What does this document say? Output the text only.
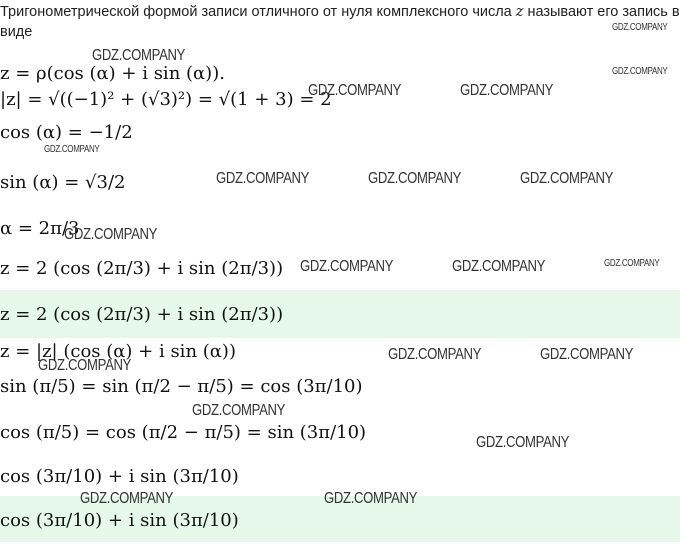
Тригонометрической формой записи отличного от нуля комплексного числа z называют его запись в виде
z = ρ(cos (α) + i sin (α)).
|z| = √((−1)² + (√3)²) = √(1 + 3) = 2
cos (α) = −1/2
sin (α) = √3/2
α = 2π/3
z = 2 (cos (2π/3) + i sin (2π/3))
z = 2 (cos (2π/3) + i sin (2π/3))
z = |z| (cos (α) + i sin (α))
sin (π/5) = sin (π/2 − π/5) = cos (3π/10)
cos (π/5) = cos (π/2 − π/5) = sin (3π/10)
cos (3π/10) + i sin (3π/10)
cos (3π/10) + i sin (3π/10)
GDZ.COMPANY
GDZ.COMPANY
GDZ.COMPANY
GDZ.COMPANY	GDZ.COMPANY
GDZ.COMPANY
GDZ.COMPANY	GDZ.COMPANY	GDZ.COMPANY
GDZ.COMPANY
GDZ.COMPANY	GDZ.COMPANY	GDZ.COMPANY
GDZ.COMPANY	GDZ.COMPANY
GDZ.COMPANY
GDZ.COMPANY
GDZ.COMPANY
GDZ.COMPANY	GDZ.COMPANY
